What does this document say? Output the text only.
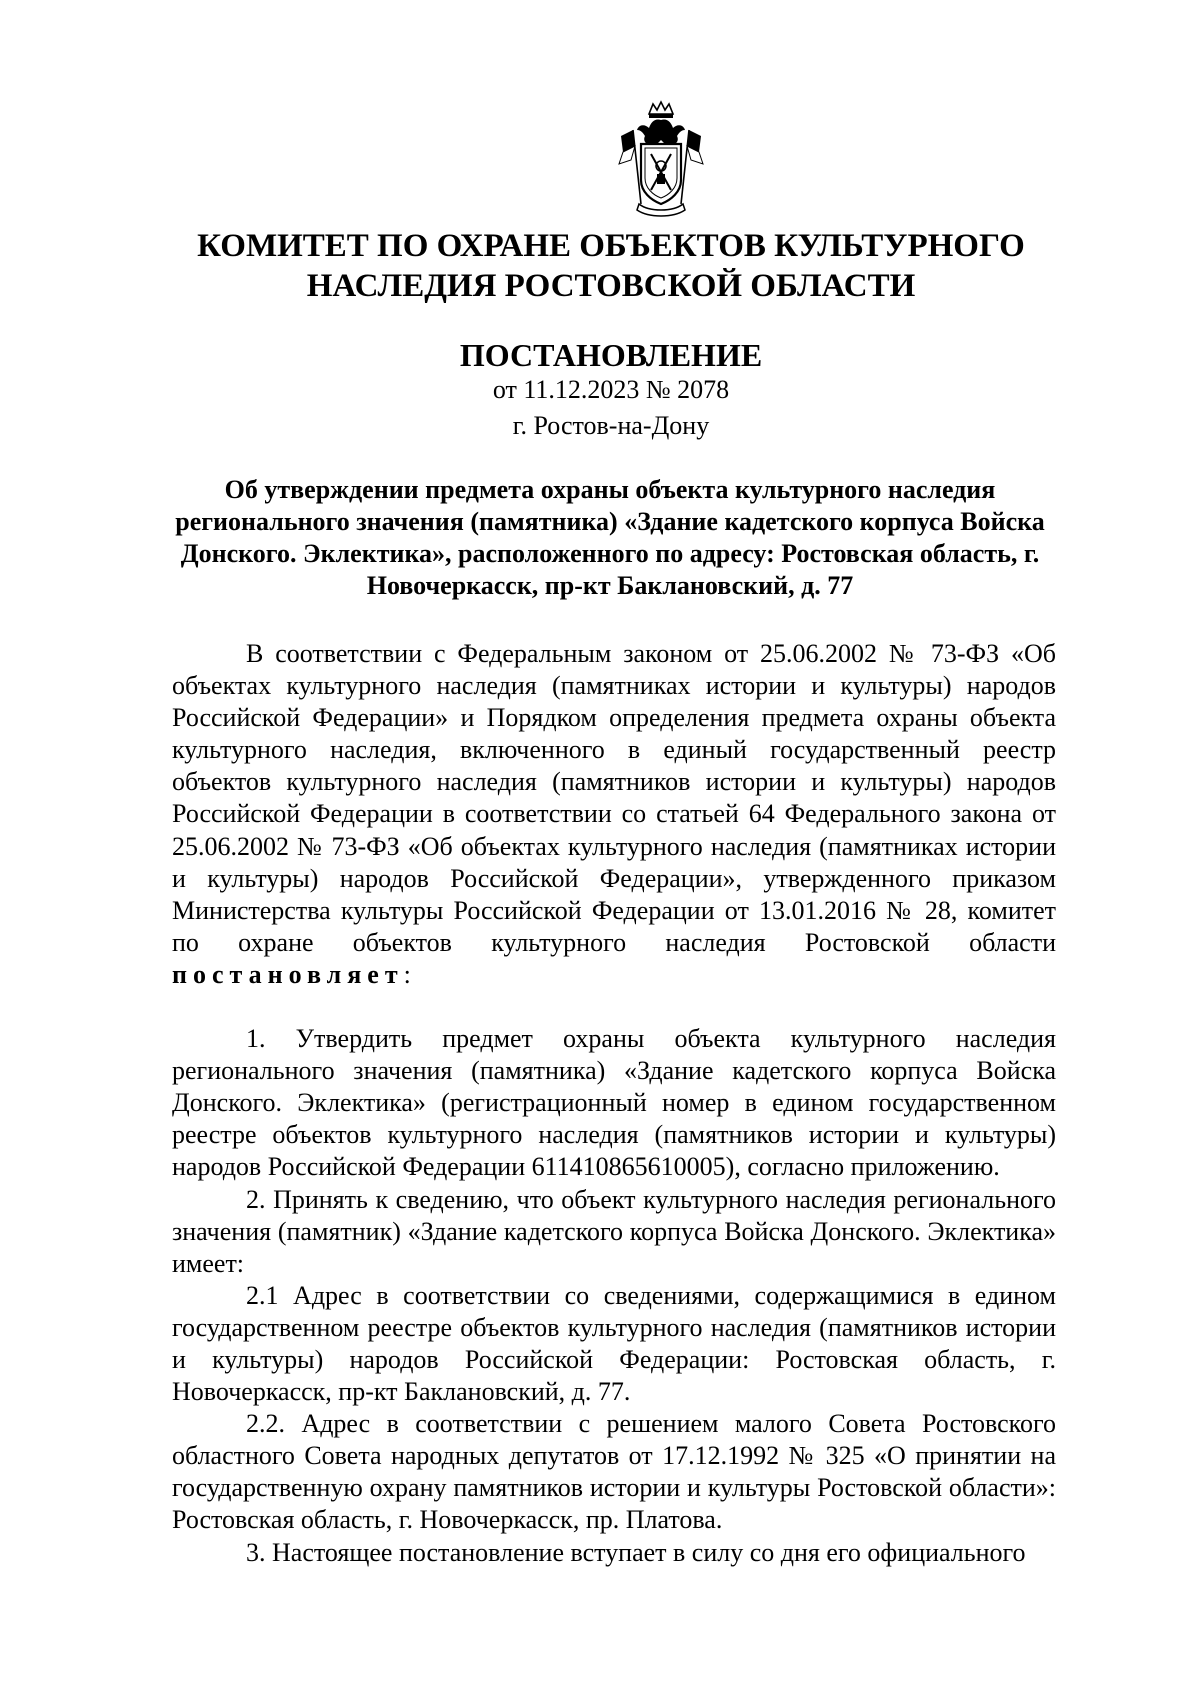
КОМИТЕТ ПО ОХРАНЕ ОБЪЕКТОВ КУЛЬТУРНОГО НАСЛЕДИЯ РОСТОВСКОЙ ОБЛАСТИ
ПОСТАНОВЛЕНИЕ
от 11.12.2023 № 2078
г. Ростов-на-Дону
Об утверждении предмета охраны объекта культурного наследия регионального значения (памятника) «Здание кадетского корпуса Войска Донского. Эклектика», расположенного по адресу: Ростовская область, г. Новочеркасск, пр-кт Баклановский, д. 77

В соответствии с Федеральным законом от 25.06.2002 № 73-ФЗ «Об объектах культурного наследия (памятниках истории и культуры) народов Российской Федерации» и Порядком определения предмета охраны объекта культурного наследия, включенного в единый государственный реестр объектов культурного наследия (памятников истории и культуры) народов Российской Федерации в соответствии со статьей 64 Федерального закона от 25.06.2002 № 73-ФЗ «Об объектах культурного наследия (памятниках истории и культуры) народов Российской Федерации», утвержденного приказом Министерства культуры Российской Федерации от 13.01.2016 № 28, комитет по охране объектов культурного наследия Ростовской области постановляет:

1. Утвердить предмет охраны объекта культурного наследия регионального значения (памятника) «Здание кадетского корпуса Войска Донского. Эклектика» (регистрационный номер в едином государственном реестре объектов культурного наследия (памятников истории и культуры) народов Российской Федерации 611410865610005), согласно приложению.

2. Принять к сведению, что объект культурного наследия регионального значения (памятник) «Здание кадетского корпуса Войска Донского. Эклектика» имеет:

2.1 Адрес в соответствии со сведениями, содержащимися в едином государственном реестре объектов культурного наследия (памятников истории и культуры) народов Российской Федерации: Ростовская область, г. Новочеркасск, пр-кт Баклановский, д. 77.

2.2. Адрес в соответствии с решением малого Совета Ростовского областного Совета народных депутатов от 17.12.1992 № 325 «О принятии на государственную охрану памятников истории и культуры Ростовской области»: Ростовская область, г. Новочеркасск, пр. Платова.

3. Настоящее постановление вступает в силу со дня его официального
